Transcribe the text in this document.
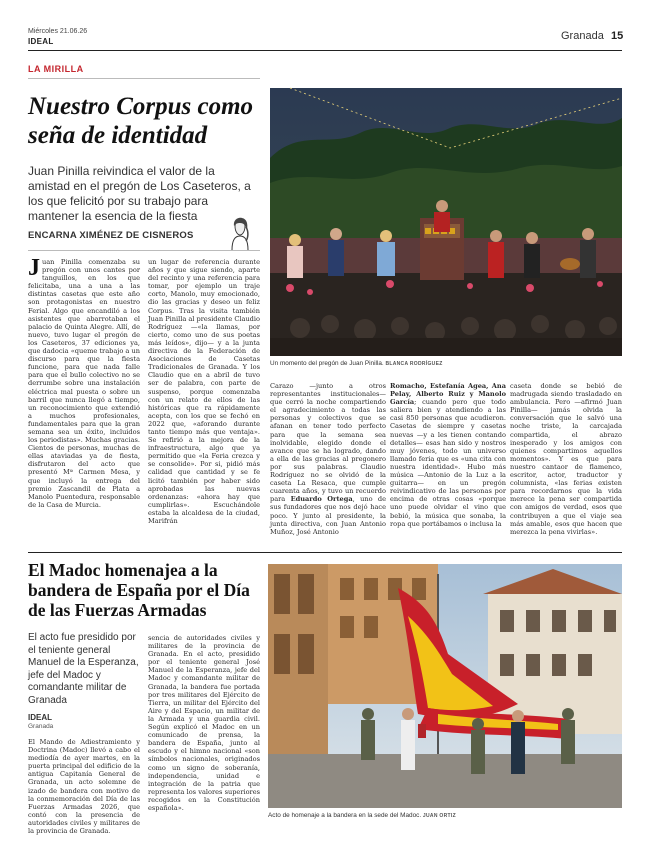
Miércoles 21.06.26
IDEAL	Granada 15
LA MIRILLA
Nuestro Corpus como seña de identidad

Juan Pinilla reivindica el valor de la amistad en el pregón de Los Caseteros, a los que felicitó por su trabajo para mantener la esencia de la fiesta

ENCARNA XIMÉNEZ DE CISNEROS
Juan Pinilla comenzaba su pregón con unos cantes por tanguillos, en los que felicitaba, una a una a las distintas casetas que este año son protagonistas en nuestro Ferial. Algo que encandiló a los asistentes que abarrotaban el palacio de Quinta Alegre. Allí, de nuevo, tuvo lugar el pregón de los Caseteros, 37 ediciones ya, que dadocia «queme trabajo a un discurso para que la fiesta funcione, para que nada falle para que el bullo colectivo no se derrumbe sobre una instalación eléctrica mal puesta o sobre un barril que nunca llegó a tiempo, un reconocimiento que extendió a muchos profesionales, fundamentales para que la gran semana sea un éxito, incluidos los periodistas». Muchas gracias. Cientos de personas, muchas de ellas ataviadas ya de fiesta, disfrutaron del acto que presentó Mª Carmen Mesa, y que incluyó la entrega del premio Zascandil de Plata a Manolo Puentedura, responsable de la Casa de Murcia.
un lugar de referencia durante años y que sigue siendo, aparte del recinto y una referencia para tomar, por ejemplo un traje corto, Manolo, muy emocionado, dio las gracias y deseo un feliz Corpus. Tras la visita también Juan Pinilla al presidente Claudio Rodríguez —«la llamas, por cierto, como uno de sus poetas más leídos», dijo— y a la junta directiva de la Federación de Asociaciones de Casetas Tradicionales de Granada. Y los Claudio que en a abril de tuvo ser de palabra, con parte de suspenso, porque comenzaba con un relato de ellos de las históricas que ra rápidamente acepta, con los que se fechó en 2022 que, «aforando durante tanto tiempo más que ventaja». Se refirió a la mejora de la infraestructura, algo que ya permitido que «la Feria crezca y se consolide». Por si, pidió más calidad que cantidad y se fe licitó también por haber sido aprobadas las nuevas ordenanzas: «ahora hay que cumplirlas». Escuchándole estaba la alcaldesa de la ciudad, Marifrán
Un momento del pregón de Juan Pinilla. BLANCA RODRÍGUEZ
Carazo —junto a otros representantes institucionales— que cerró la noche compartiendo el agradecimiento a todas las personas y colectivos que se afanan en tener todo perfecto para que la semana sea inolvidable, elegido donde el avance que se ha logrado, dando a ella de las gracias al pregonero por sus palabras. Claudio Rodríguez no se olvidó de la caseta La Resaca, que cumple cuarenta años, y tuvo un recuerdo para Eduardo Ortega, uno de sus fundadores que nos dejó hace poco. Y junto al presidente, la junta directiva, con Juan Antonio Muñoz, José Antonio
Romacho, Estefanía Agea, Ana Pelay, Alberto Ruiz y Manolo García; cuando pero que todo saliera bien y atendiendo a las casi 850 personas que acudieron. Casetas de siempre y casetas nuevas —y a les tienen contando detalles— esas han sido y nostros muy jóvenes, todo un universo llamado feria que es «una cita con nuestra identidad». Hubo más música —Antonio de la Luz a la guitarra— en un pregón reivindicativo de las personas por encima de otras cosas «porque uno puede olvidar el vino que bebió, la música que sonaba, la ropa que portábamos o inclusa la
caseta donde se bebió de madrugada siendo trasladado en ambulancia. Pero —afirmó Juan Pinilla— jamás olvida la conversación que le salvó una noche triste, la carcajada compartida, el abrazo inesperado y los amigos con quienes compartimos aquellos momentos». Y es que para nuestro cantaor de flamenco, escritor, actor, traductor y columnista, «las ferias existen para recordarnos que la vida merece la pena ser compartida con amigos de verdad, esos que contribuyen a que el viaje sea más amable, esos que hacen que merezca la pena vivirlas».
El Madoc homenajea a la bandera de España por el Día de las Fuerzas Armadas

El acto fue presidido por el teniente general Manuel de la Esperanza, jefe del Madoc y comandante militar de Granada

IDEAL
Granada
El Mando de Adiestramiento y Doctrina (Madoc) llevó a cabo el mediodía de ayer martes, en la puerta principal del edificio de la antigua Capitanía General de Granada, un acto solemne de izado de bandera con motivo de la conmemoración del Día de las Fuerzas Armadas 2026, que contó con la presencia de autoridades civiles y militares de la provincia de Granada.
sencia de autoridades civiles y militares de la provincia de Granada. En el acto, presidido por el teniente general José Manuel de la Esperanza, jefe del Madoc y comandante militar de Granada, la bandera fue portada por tres militares del Ejército de Tierra, un militar del Ejército del Aire y del Espacio, un militar de la Armada y una guardia civil. Según explicó el Madoc en un comunicado de prensa, la bandera de España, junto al escudo y el himno nacional «son símbolos nacionales, originados como un signo de soberanía, independencia, unidad e integración de la patria que representa los valores superiores recogidos en la Constitución española».
Acto de homenaje a la bandera en la sede del Madoc. JUAN ORTIZ
